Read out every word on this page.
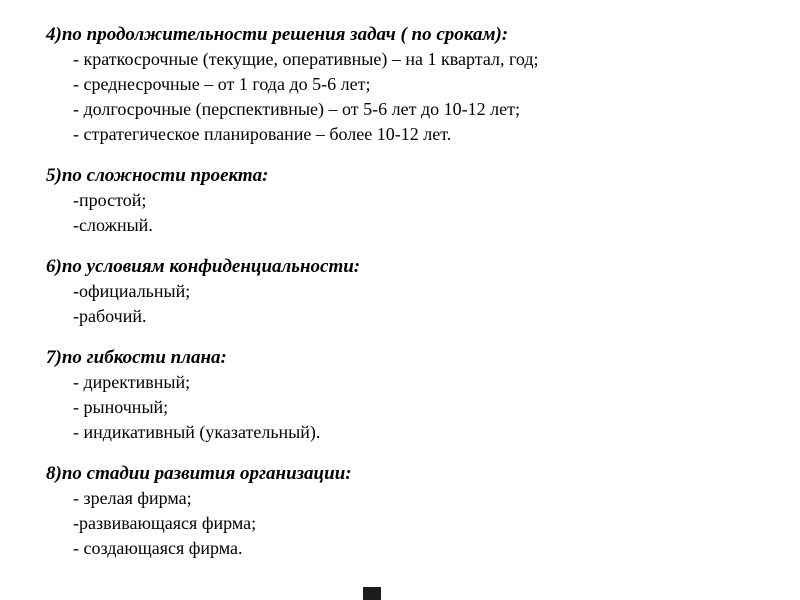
4)по продолжительности решения задач ( по срокам):
- краткосрочные (текущие, оперативные) – на 1 квартал, год;
- среднесрочные – от 1 года до 5-6 лет;
- долгосрочные (перспективные) – от 5-6 лет до 10-12 лет;
- стратегическое планирование – более 10-12 лет.
5)по сложности проекта:
-простой;
-сложный.
6)по условиям конфиденциальности:
-официальный;
-рабочий.
7)по гибкости плана:
- директивный;
- рыночный;
- индикативный (указательный).
8)по стадии развития организации:
- зрелая фирма;
-развивающаяся фирма;
- создающаяся фирма.
